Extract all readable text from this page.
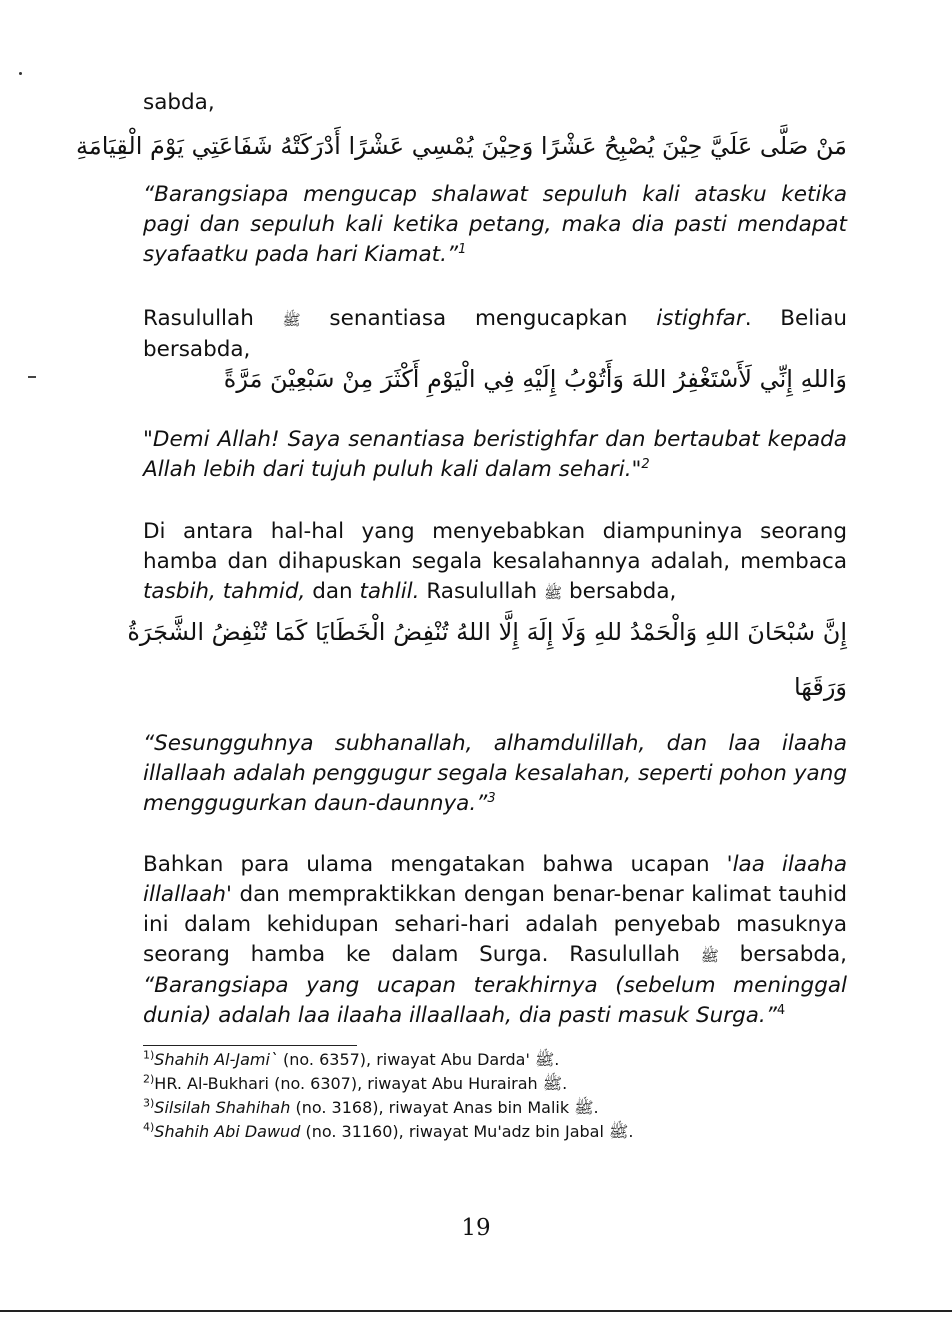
sabda,
مَنْ صَلَّى عَلَيَّ حِيْنَ يُصْبِحُ عَشْرًا وَحِيْنَ يُمْسِي عَشْرًا أَدْرَكَتْهُ شَفَاعَتِي يَوْمَ الْقِيَامَةِ
“Barangsiapa mengucap shalawat sepuluh kali atasku ketika pagi dan sepuluh kali ketika petang, maka dia pasti mendapat syafaatku pada hari Kiamat.”$^1$
Rasulullah ﷺ senantiasa mengucapkan istighfar. Beliau bersabda,
وَاللهِ إِنِّي لَأَسْتَغْفِرُ اللهَ وَأَتُوْبُ إِلَيْهِ فِي الْيَوْمِ أَكْثَرَ مِنْ سَبْعِيْنَ مَرَّةً
"Demi Allah! Saya senantiasa beristighfar dan bertaubat kepada Allah lebih dari tujuh puluh kali dalam sehari."$^2$
Di antara hal-hal yang menyebabkan diampuninya seorang hamba dan dihapuskan segala kesalahannya adalah, membaca tasbih, tahmid, dan tahlil. Rasulullah ﷺ bersabda,
إِنَّ سُبْحَانَ اللهِ وَالْحَمْدُ للهِ وَلَا إِلَهَ إِلَّا اللهُ تُنْفِضُ الْخَطَايَا كَمَا تُنْفِضُ الشَّجَرَةُ
وَرَقَهَا
“Sesungguhnya subhanallah, alhamdulillah, dan laa ilaaha illallaah adalah penggugur segala kesalahan, seperti pohon yang menggugurkan daun-daunnya.”$^3$
Bahkan para ulama mengatakan bahwa ucapan 'laa ilaaha illallaah' dan mempraktikkan dengan benar-benar kalimat tauhid ini dalam kehidupan sehari-hari adalah penyebab masuknya seorang hamba ke dalam Surga. Rasulullah ﷺ bersabda, “Barangsiapa yang ucapan terakhirnya (sebelum meninggal dunia) adalah laa ilaaha illaallaah, dia pasti masuk Surga.”$^4$
$^{1)}$Shahih Al-Jami` (no. 6357), riwayat Abu Darda' ﷺ.
$^{2)}$HR. Al-Bukhari (no. 6307), riwayat Abu Hurairah ﷺ.
$^{3)}$Silsilah Shahihah (no. 3168), riwayat Anas bin Malik ﷺ.
$^{4)}$Shahih Abi Dawud (no. 31160), riwayat Mu'adz bin Jabal ﷺ.
19
